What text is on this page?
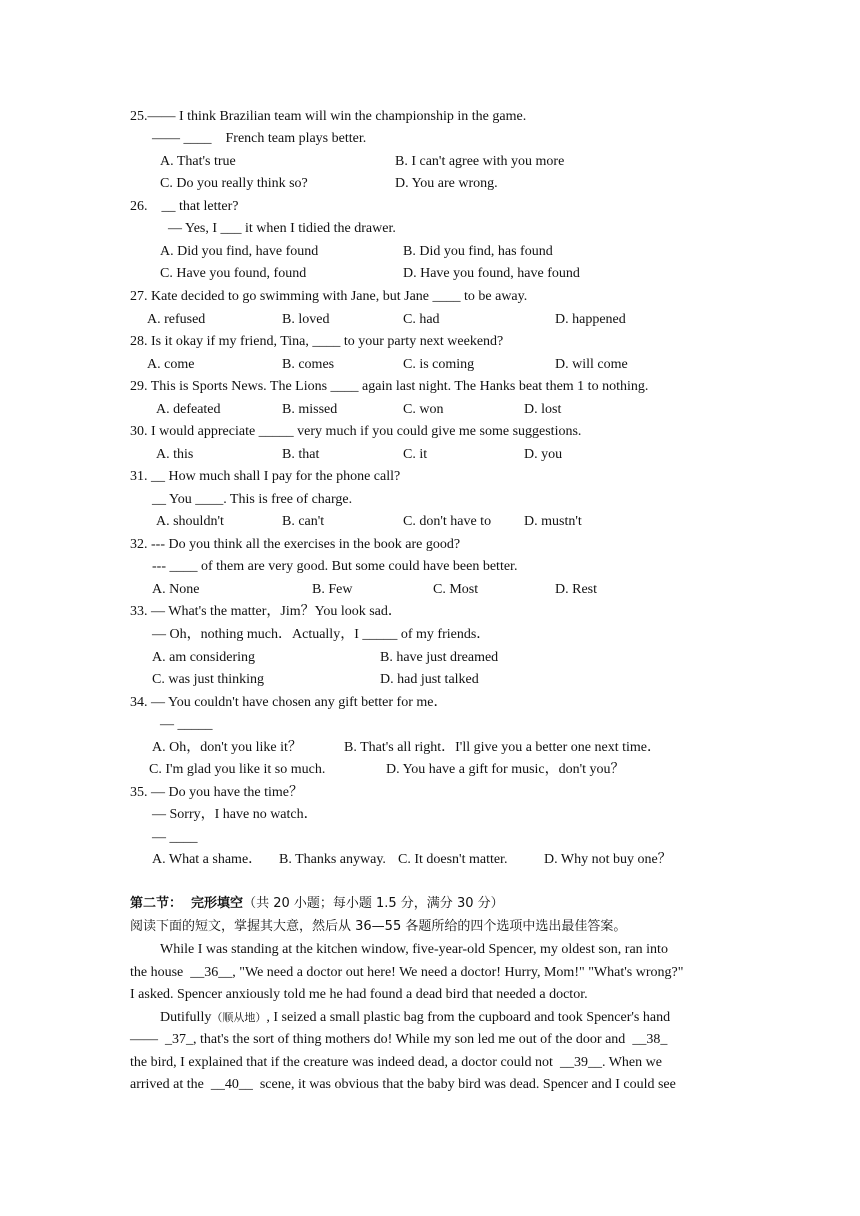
25.—— I think Brazilian team will win the championship in the game.
—— ____    French team plays better.
A. That's true	B. I can't agree with you more
C. Do you really think so?	D. You are wrong.
26.    __ that letter?
— Yes, I ___ it when I tidied the drawer.
A. Did you find, have found	B. Did you find, has found
C. Have you found, found	D. Have you found, have found
27. Kate decided to go swimming with Jane, but Jane ____ to be away.
A. refused	B. loved	C. had	D. happened
28. Is it okay if my friend, Tina, ____ to your party next weekend?
A. come	B. comes	C. is coming	D. will come
29. This is Sports News. The Lions ____ again last night. The Hanks beat them 1 to nothing.
A. defeated	B. missed	C. won	D. lost
30. I would appreciate _____ very much if you could give me some suggestions.
A. this	B. that	C. it	D. you
31. __ How much shall I pay for the phone call?
__ You ____. This is free of charge.
A. shouldn't	B. can't	C. don't have to D. mustn't
32. --- Do you think all the exercises in the book are good?
--- ____ of them are very good. But some could have been better.
A. None	B. Few	C. Most	D. Rest
33. — What's the matter，Jim？You look sad．
— Oh，nothing much．Actually，I _____ of my friends．
A. am considering	B. have just dreamed
C. was just thinking	D. had just talked
34. — You couldn't have chosen any gift better for me．
— _____
A. Oh，don't you like it？	B. That's all right．I'll give you a better one next time．
C. I'm glad you like it so much.	D. You have a gift for music，don't you？
35. — Do you have the time？
— Sorry，I have no watch．
— ____
A. What a shame． B. Thanks anyway. C. It doesn't matter.	D. Why not buy one？
第二节：  完形填空（共 20 小题；每小题 1.5 分，满分 30 分）
阅读下面的短文，掌握其大意，然后从 36—55 各题所给的四个选项中选出最佳答案。
While I was standing at the kitchen window, five-year-old Spencer, my oldest son, ran into
the house  __36__, "We need a doctor out here! We need a doctor! Hurry, Mom!" "What's wrong?"
I asked. Spencer anxiously told me he had found a dead bird that needed a doctor.
Dutifully（顺从地）, I seized a small plastic bag from the cupboard and took Spencer's hand
——  _37_, that's the sort of thing mothers do! While my son led me out of the door and  __38_
the bird, I explained that if the creature was indeed dead, a doctor could not  __39__. When we
arrived at the  __40__  scene, it was obvious that the baby bird was dead. Spencer and I could see
